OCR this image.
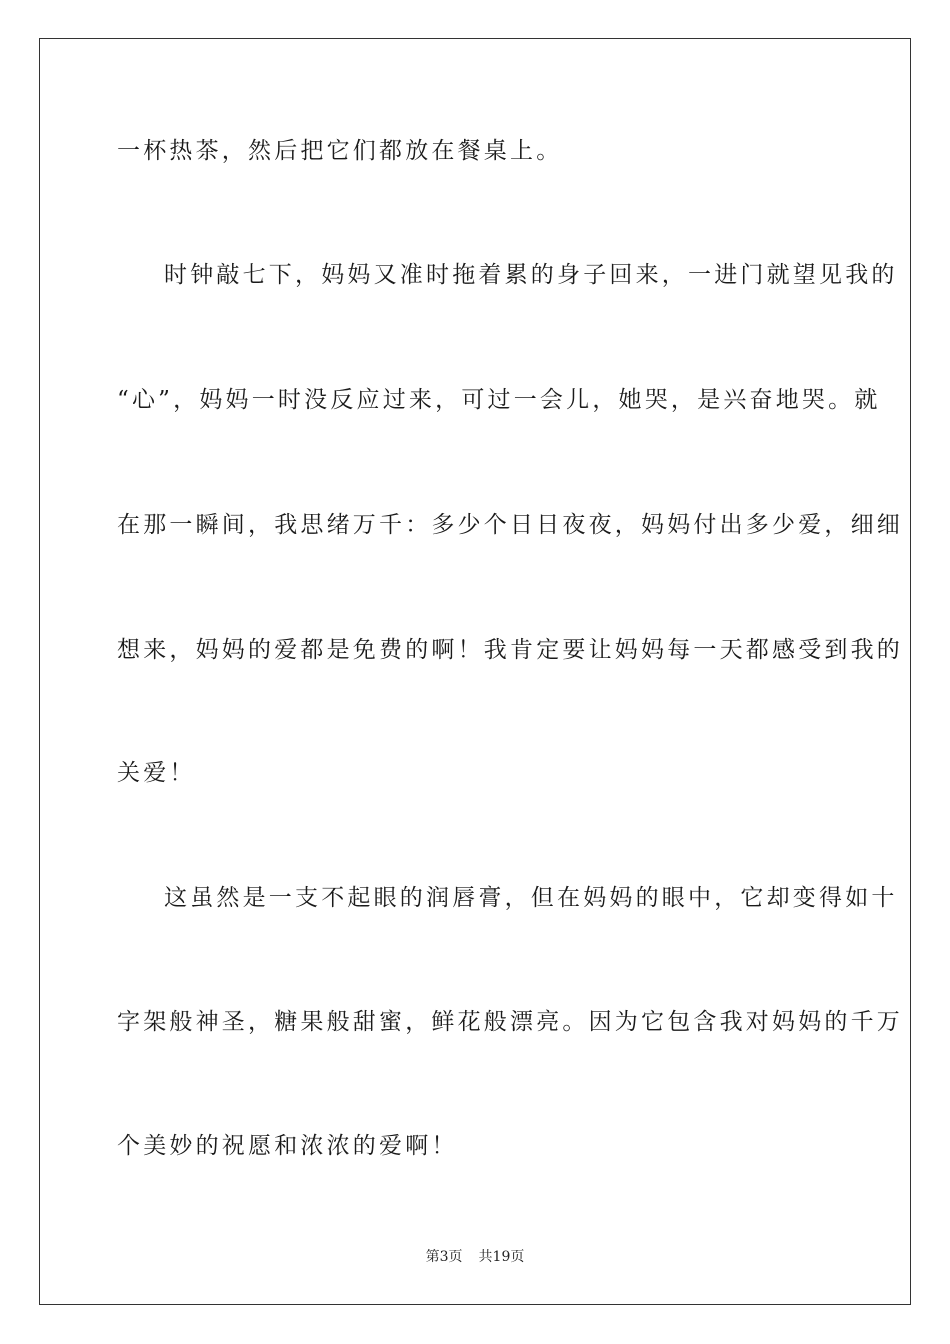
一杯热茶，然后把它们都放在餐桌上。
时钟敲七下，妈妈又准时拖着累的身子回来，一进门就望见我的
“心”，妈妈一时没反应过来，可过一会儿，她哭，是兴奋地哭。就
在那一瞬间，我思绪万千：多少个日日夜夜，妈妈付出多少爱，细细
想来，妈妈的爱都是免费的啊！我肯定要让妈妈每一天都感受到我的
关爱！
这虽然是一支不起眼的润唇膏，但在妈妈的眼中，它却变得如十
字架般神圣，糖果般甜蜜，鲜花般漂亮。因为它包含我对妈妈的千万
个美妙的祝愿和浓浓的爱啊！
第3页 共19页
